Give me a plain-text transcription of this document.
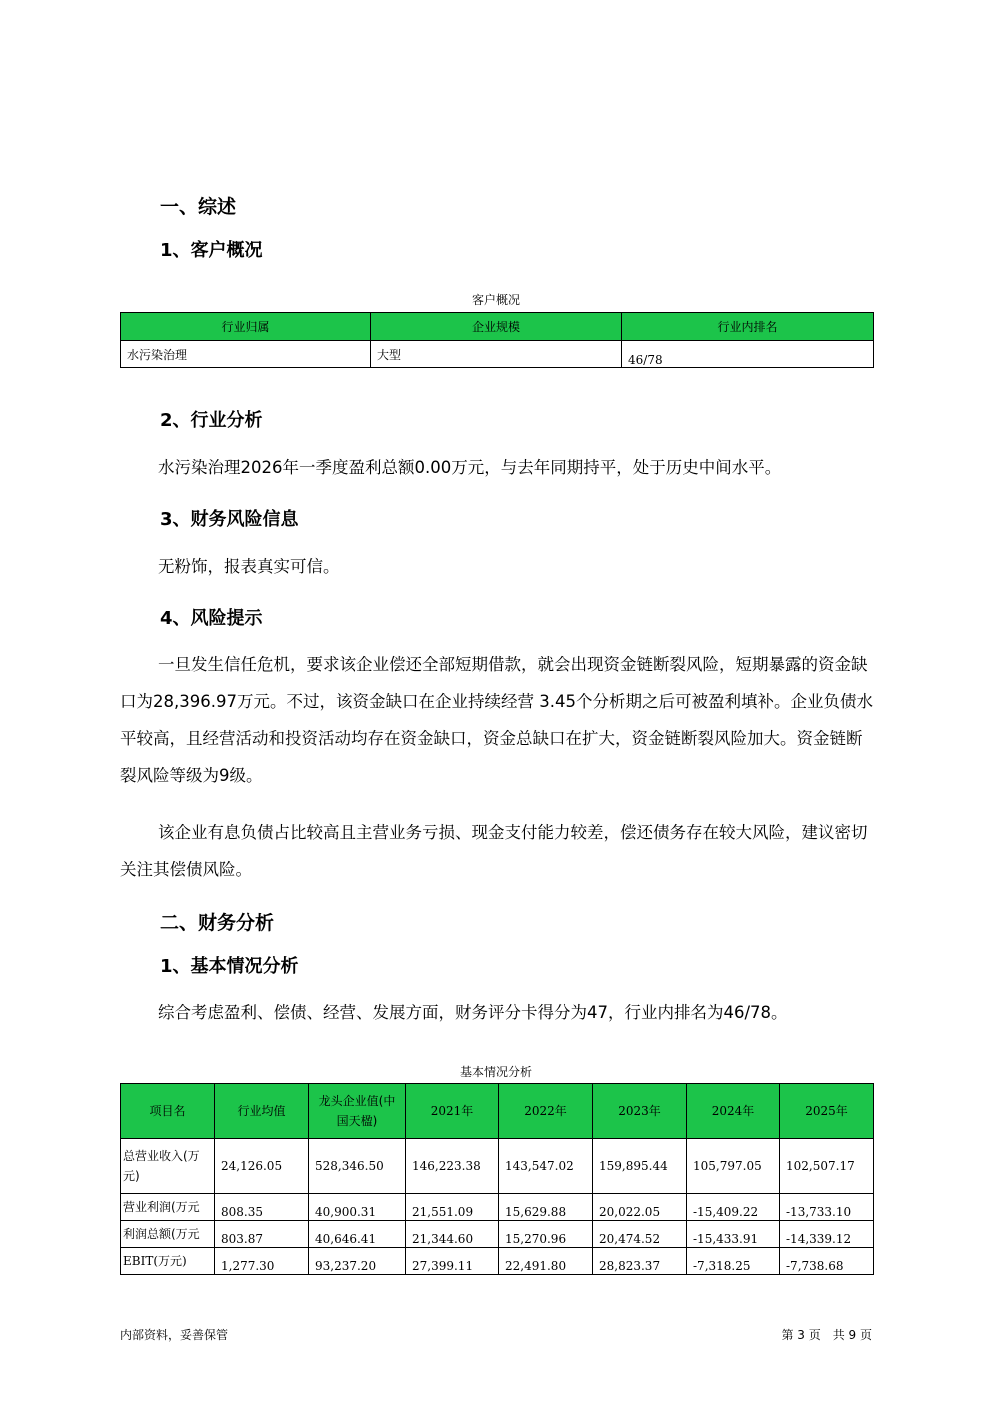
一、综述
1、客户概况
客户概况
行业归属	企业规模	行业内排名
水污染治理	大型	46/78
2、行业分析
水污染治理2026年一季度盈利总额0.00万元，与去年同期持平，处于历史中间水平。
3、财务风险信息
无粉饰，报表真实可信。
4、风险提示
一旦发生信任危机，要求该企业偿还全部短期借款，就会出现资金链断裂风险，短期暴露的资金缺口为28,396.97万元。不过，该资金缺口在企业持续经营 3.45个分析期之后可被盈利填补。企业负债水平较高，且经营活动和投资活动均存在资金缺口，资金总缺口在扩大，资金链断裂风险加大。资金链断裂风险等级为9级。
该企业有息负债占比较高且主营业务亏损、现金支付能力较差，偿还债务存在较大风险，建议密切关注其偿债风险。
二、财务分析
1、基本情况分析
综合考虑盈利、偿债、经营、发展方面，财务评分卡得分为47，行业内排名为46/78。
基本情况分析
项目名	行业均值	龙头企业值(中国天楹)	2021年	2022年	2023年	2024年	2025年
总营业收入(万元)	24,126.05	528,346.50	146,223.38	143,547.02	159,895.44	105,797.05	102,507.17
营业利润(万元	808.35	40,900.31	21,551.09	15,629.88	20,022.05	-15,409.22	-13,733.10
利润总额(万元	803.87	40,646.41	21,344.60	15,270.96	20,474.52	-15,433.91	-14,339.12
EBIT(万元)	1,277.30	93,237.20	27,399.11	22,491.80	28,823.37	-7,318.25	-7,738.68
内部资料，妥善保管	第 3 页　共 9 页
